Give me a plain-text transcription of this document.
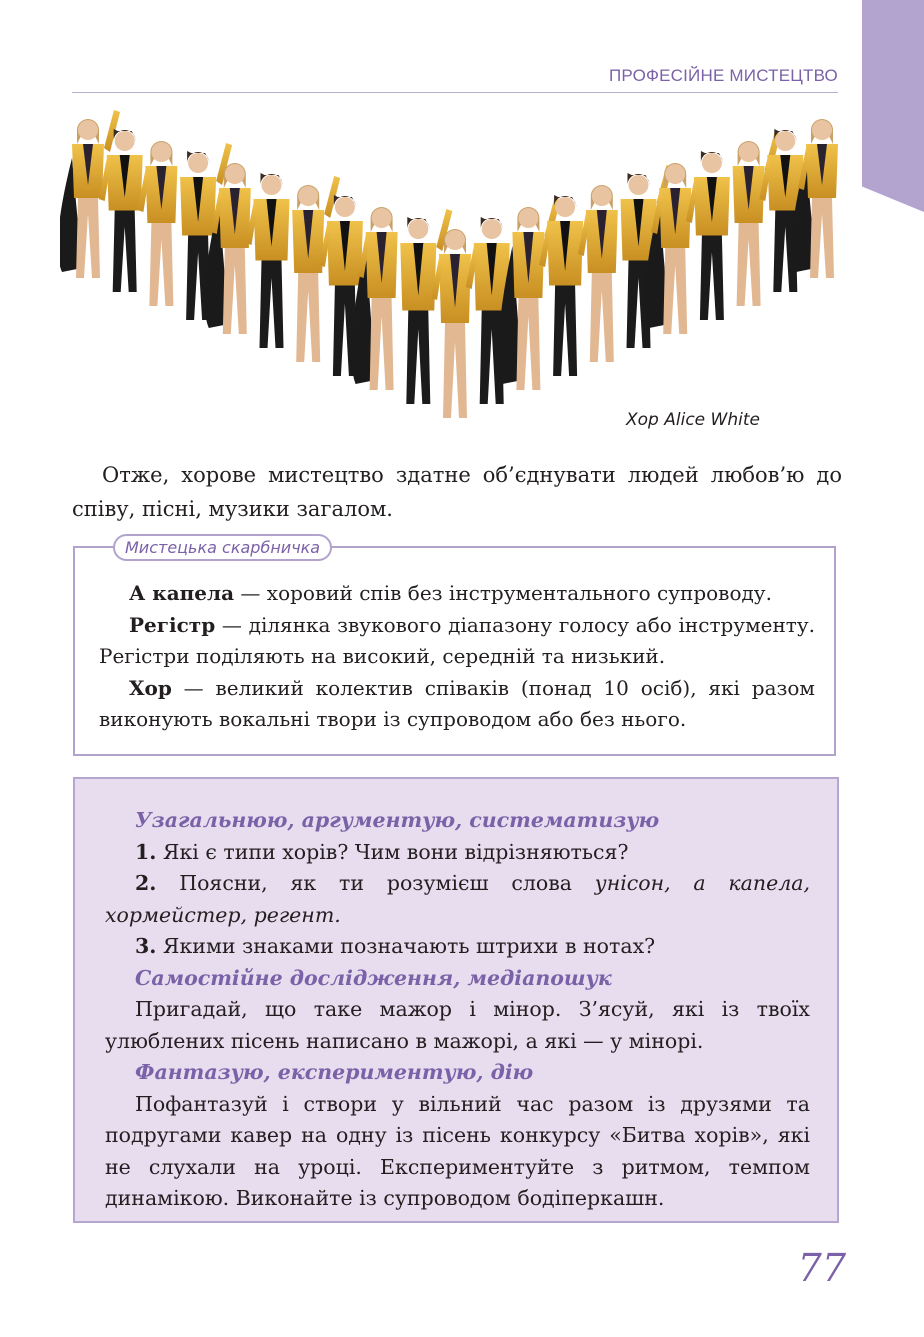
ПРОФЕСІЙНЕ МИСТЕЦТВО
Хор Alice White

Отже, хорове мистецтво здатне об’єднувати людей любов’ю до співу, пісні, музики загалом.

Мистецька скарбничка

А капела — хоровий спів без інструментального супроводу.

Регістр — ділянка звукового діапазону голосу або інструменту. Регістри поділяють на високий, середній та низький.

Хор — великий колектив співаків (понад 10 осіб), які разом виконують вокальні твори із супроводом або без нього.

Узагальнюю, аргументую, систематизую

1. Які є типи хорів? Чим вони відрізняються?

2. Поясни, як ти розумієш слова унісон, а капела, хормейстер, регент.

3. Якими знаками позначають штрихи в нотах?

Самостійне дослідження, медіапошук

Пригадай, що таке мажор і мінор. З’ясуй, які із твоїх улюблених пісень написано в мажорі, а які — у мінорі.

Фантазую, експериментую, дію

Пофантазуй і створи у вільний час разом із друзями та подругами кавер на одну із пісень конкурсу «Битва хорів», які не слухали на уроці. Експериментуйте з ритмом, темпом динамікою. Виконайте із супроводом бодіперкашн.

77
